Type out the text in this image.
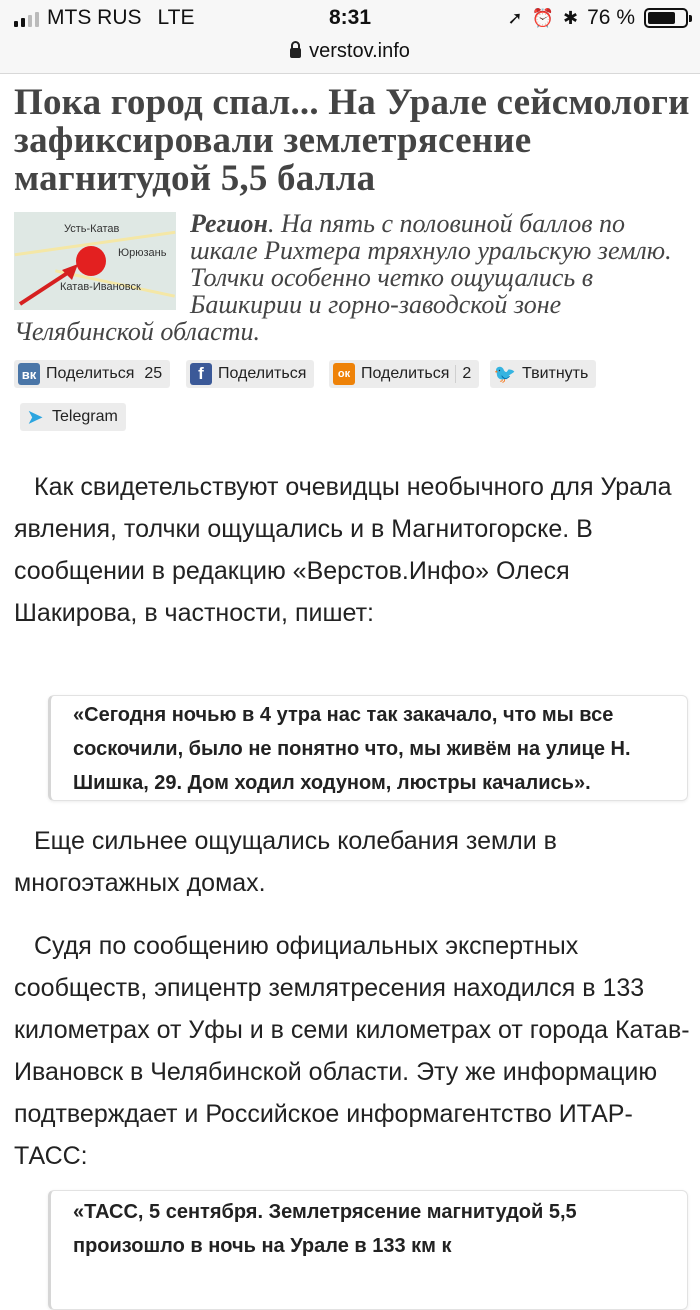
MTS RUS LTE	8:31	➚ ⏰ ✱ 76 %
verstov.info
Пока город спал... На Урале сейсмологи зафиксировали землетрясение магнитудой 5,5 балла
Усть-Катав
Юрюзань
Катав-Ивановск
Регион. На пять с половиной баллов по шкале Рихтера тряхнуло уральскую землю. Толчки особенно четко ощущались в Башкирии и горно-заводской зоне Челябинской области.
вк Поделиться 25	f Поделиться	ок Поделиться 2 🐦 Твитнуть
➤ Telegram

Как свидетельствуют очевидцы необычного для Урала явления, толчки ощущались и в Магнитогорске. В сообщении в редакцию «Верстов.Инфо» Олеся Шакирова, в частности, пишет:

«Сегодня ночью в 4 утра нас так закачало, что мы все соскочили, было не понятно что, мы живём на улице Н. Шишка, 29. Дом ходил ходуном, люстры качались».

Еще сильнее ощущались колебания земли в многоэтажных домах.

Судя по сообщению официальных экспертных сообществ, эпицентр землятресения находился в 133 километрах от Уфы и в семи километрах от города Катав-Ивановск в Челябинской области. Эту же информацию подтверждает и Российское информагентство ИТАР-ТАСС:

«ТАСС, 5 сентября. Землетрясение магнитудой 5,5 произошло в ночь на Урале в 133 км к
